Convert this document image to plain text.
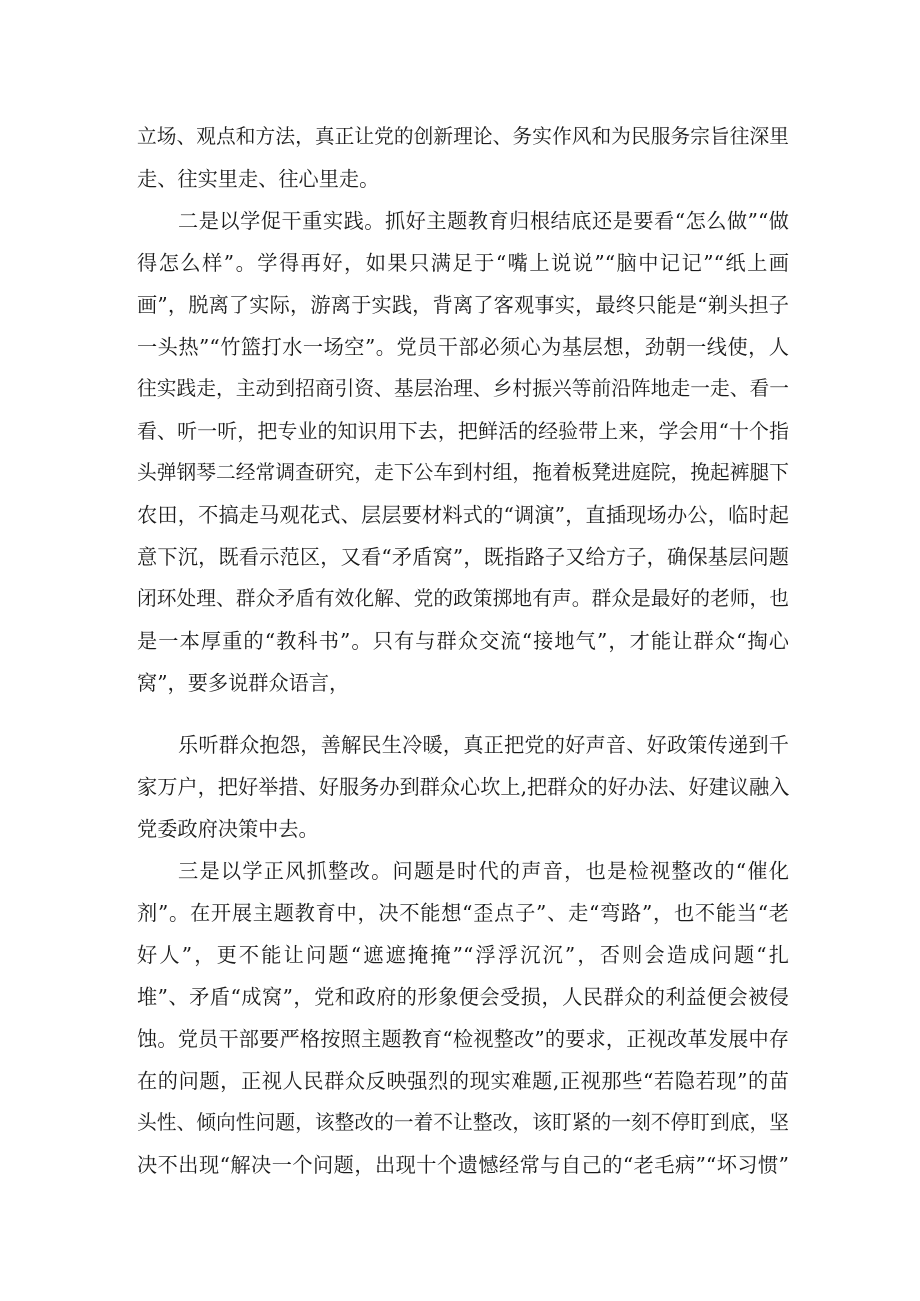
立场、观点和方法，真正让党的创新理论、务实作风和为民服务宗旨往深里
走、往实里走、往心里走。
二是以学促干重实践。抓好主题教育归根结底还是要看“怎么做”“做
得怎么样”。学得再好，如果只满足于“嘴上说说”“脑中记记”“纸上画
画”，脱离了实际，游离于实践，背离了客观事实，最终只能是“剃头担子
一头热”“竹篮打水一场空”。党员干部必须心为基层想，劲朝一线使，人
往实践走，主动到招商引资、基层治理、乡村振兴等前沿阵地走一走、看一
看、听一听，把专业的知识用下去，把鲜活的经验带上来，学会用“十个指
头弹钢琴二经常调查研究，走下公车到村组，拖着板凳进庭院，挽起裤腿下
农田，不搞走马观花式、层层要材料式的“调演”，直插现场办公，临时起
意下沉，既看示范区，又看“矛盾窝”，既指路子又给方子，确保基层问题
闭环处理、群众矛盾有效化解、党的政策掷地有声。群众是最好的老师，也
是一本厚重的“教科书”。只有与群众交流“接地气”，才能让群众“掏心
窝”，要多说群众语言，
乐听群众抱怨，善解民生冷暖，真正把党的好声音、好政策传递到千
家万户，把好举措、好服务办到群众心坎上,把群众的好办法、好建议融入
党委政府决策中去。
三是以学正风抓整改。问题是时代的声音，也是检视整改的“催化
剂”。在开展主题教育中，决不能想“歪点子”、走“弯路”，也不能当“老
好人”，更不能让问题“遮遮掩掩”“浮浮沉沉”，否则会造成问题“扎
堆”、矛盾“成窝”，党和政府的形象便会受损，人民群众的利益便会被侵
蚀。党员干部要严格按照主题教育“检视整改”的要求，正视改革发展中存
在的问题，正视人民群众反映强烈的现实难题,正视那些“若隐若现”的苗
头性、倾向性问题，该整改的一着不让整改，该盯紧的一刻不停盯到底，坚
决不出现“解决一个问题，出现十个遗憾经常与自己的“老毛病”“坏习惯”
